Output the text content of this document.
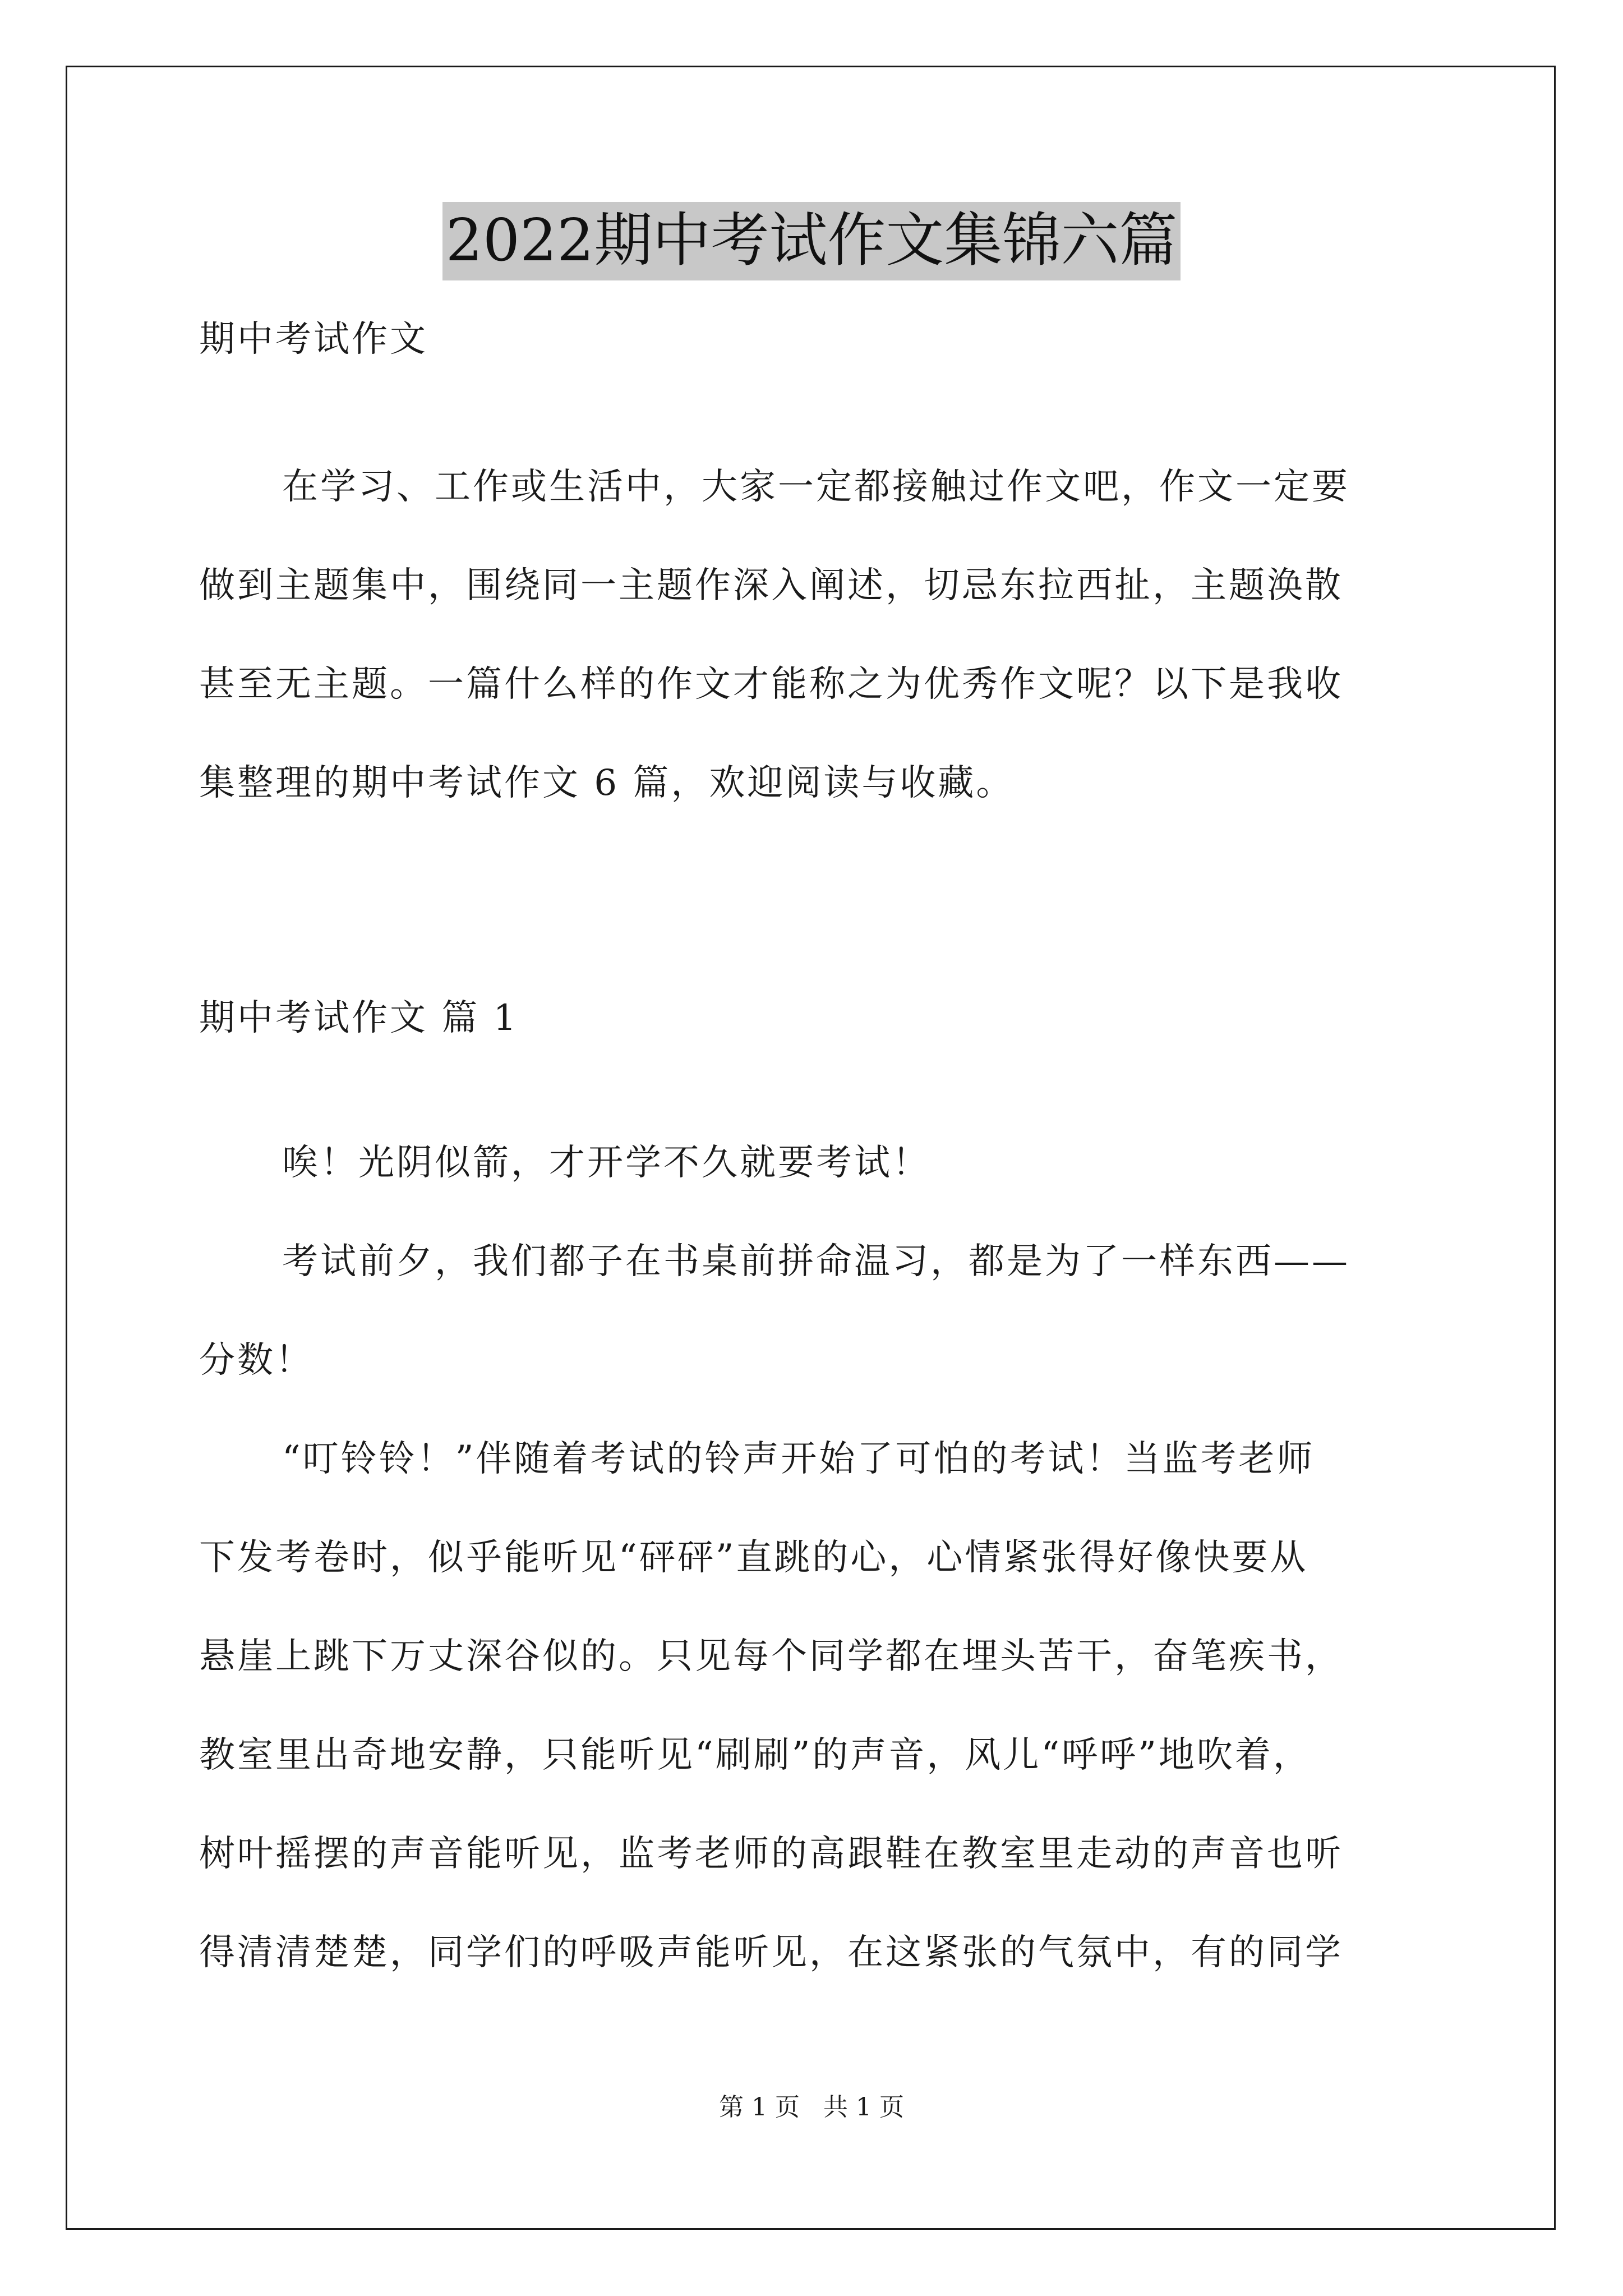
2022期中考试作文集锦六篇
期中考试作文
在学习、工作或生活中，大家一定都接触过作文吧，作文一定要
做到主题集中，围绕同一主题作深入阐述，切忌东拉西扯，主题涣散
甚至无主题。一篇什么样的作文才能称之为优秀作文呢？以下是我收
集整理的期中考试作文 6 篇，欢迎阅读与收藏。
期中考试作文 篇 1
唉！光阴似箭，才开学不久就要考试！
考试前夕，我们都子在书桌前拼命温习，都是为了一样东西——
分数！
“叮铃铃！”伴随着考试的铃声开始了可怕的考试！当监考老师
下发考卷时，似乎能听见“砰砰”直跳的心，心情紧张得好像快要从
悬崖上跳下万丈深谷似的。只见每个同学都在埋头苦干，奋笔疾书，
教室里出奇地安静，只能听见“刷刷”的声音，风儿“呼呼”地吹着，
树叶摇摆的声音能听见，监考老师的高跟鞋在教室里走动的声音也听
得清清楚楚，同学们的呼吸声能听见，在这紧张的气氛中，有的同学
第 1 页   共 1 页
